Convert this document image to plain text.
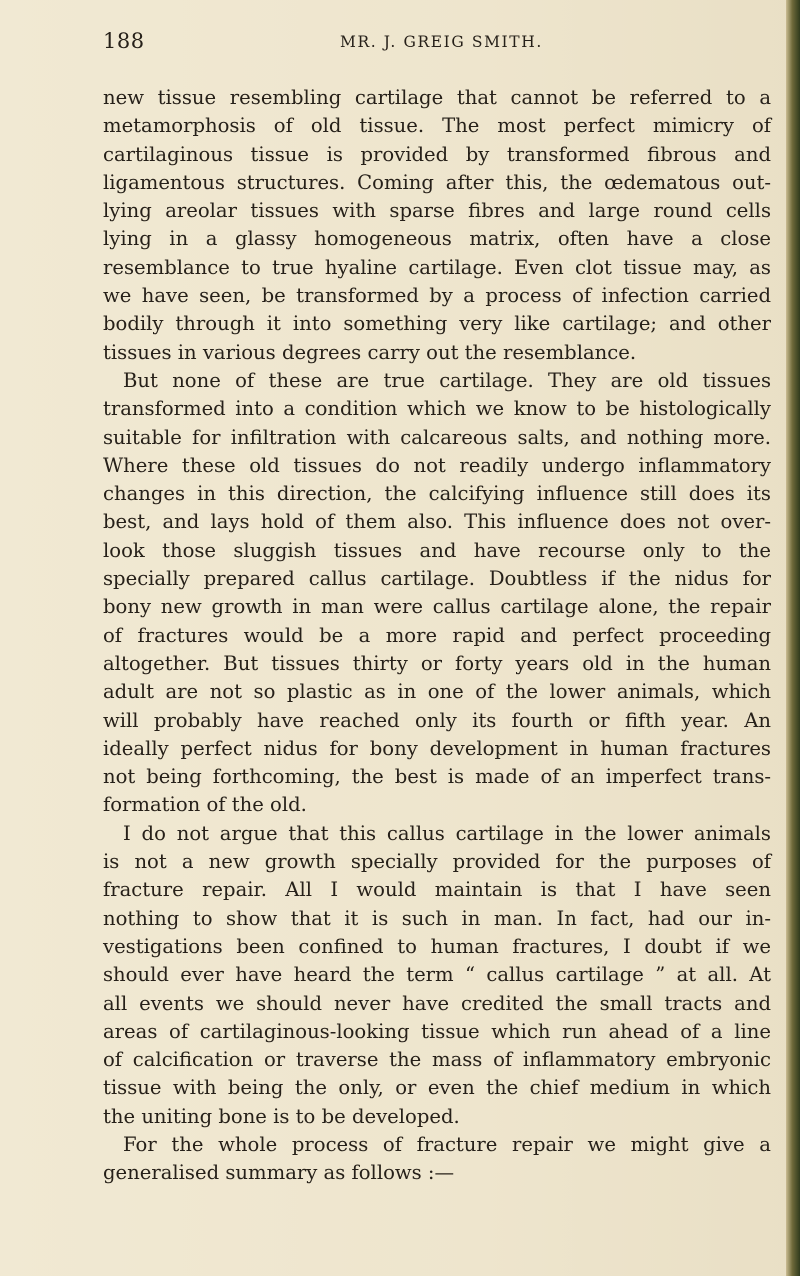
188	MR. J. GREIG SMITH.
new tissue resembling cartilage that cannot be referred to a
metamorphosis of old tissue. The most perfect mimicry of
cartilaginous tissue is provided by transformed fibrous and
ligamentous structures. Coming after this, the œdematous out-
lying areolar tissues with sparse fibres and large round cells
lying in a glassy homogeneous matrix, often have a close
resemblance to true hyaline cartilage. Even clot tissue may, as
we have seen, be transformed by a process of infection carried
bodily through it into something very like cartilage; and other
tissues in various degrees carry out the resemblance.
But none of these are true cartilage. They are old tissues
transformed into a condition which we know to be histologically
suitable for infiltration with calcareous salts, and nothing more.
Where these old tissues do not readily undergo inflammatory
changes in this direction, the calcifying influence still does its
best, and lays hold of them also. This influence does not over-
look those sluggish tissues and have recourse only to the
specially prepared callus cartilage. Doubtless if the nidus for
bony new growth in man were callus cartilage alone, the repair
of fractures would be a more rapid and perfect proceeding
altogether. But tissues thirty or forty years old in the human
adult are not so plastic as in one of the lower animals, which
will probably have reached only its fourth or fifth year. An
ideally perfect nidus for bony development in human fractures
not being forthcoming, the best is made of an imperfect trans-
formation of the old.
I do not argue that this callus cartilage in the lower animals
is not a new growth specially provided for the purposes of
fracture repair. All I would maintain is that I have seen
nothing to show that it is such in man. In fact, had our in-
vestigations been confined to human fractures, I doubt if we
should ever have heard the term “ callus cartilage ” at all. At
all events we should never have credited the small tracts and
areas of cartilaginous-looking tissue which run ahead of a line
of calcification or traverse the mass of inflammatory embryonic
tissue with being the only, or even the chief medium in which
the uniting bone is to be developed.
For the whole process of fracture repair we might give a
generalised summary as follows :—
